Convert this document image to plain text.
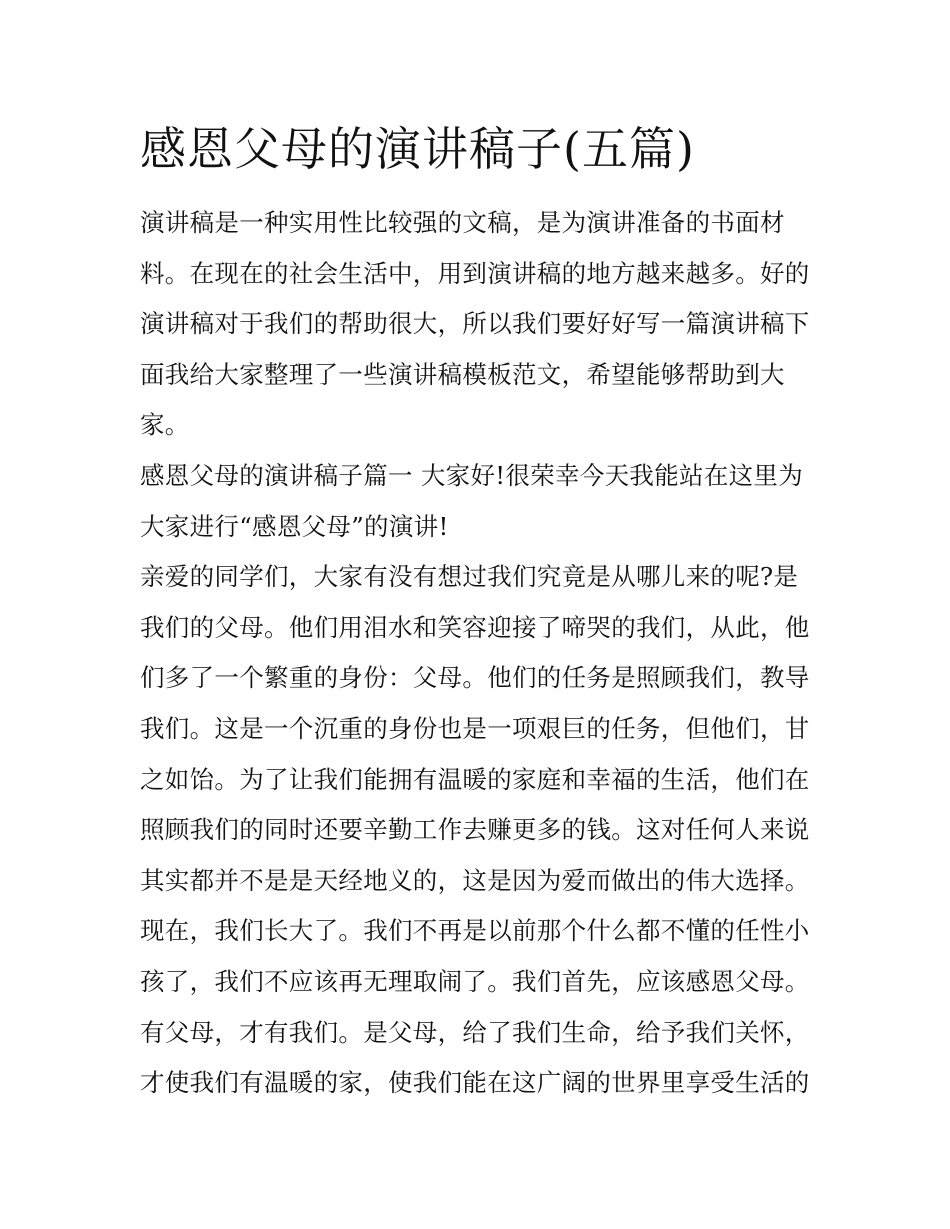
感恩父母的演讲稿子(五篇)
演讲稿是一种实用性比较强的文稿，是为演讲准备的书面材
料。在现在的社会生活中，用到演讲稿的地方越来越多。好的
演讲稿对于我们的帮助很大，所以我们要好好写一篇演讲稿下
面我给大家整理了一些演讲稿模板范文，希望能够帮助到大
家。
感恩父母的演讲稿子篇一 大家好!很荣幸今天我能站在这里为
大家进行“感恩父母”的演讲!
亲爱的同学们，大家有没有想过我们究竟是从哪儿来的呢?是
我们的父母。他们用泪水和笑容迎接了啼哭的我们，从此，他
们多了一个繁重的身份：父母。他们的任务是照顾我们，教导
我们。这是一个沉重的身份也是一项艰巨的任务，但他们，甘
之如饴。为了让我们能拥有温暖的家庭和幸福的生活，他们在
照顾我们的同时还要辛勤工作去赚更多的钱。这对任何人来说
其实都并不是是天经地义的，这是因为爱而做出的伟大选择。
现在，我们长大了。我们不再是以前那个什么都不懂的任性小
孩了，我们不应该再无理取闹了。我们首先，应该感恩父母。
有父母，才有我们。是父母，给了我们生命，给予我们关怀，
才使我们有温暖的家，使我们能在这广阔的世界里享受生活的
